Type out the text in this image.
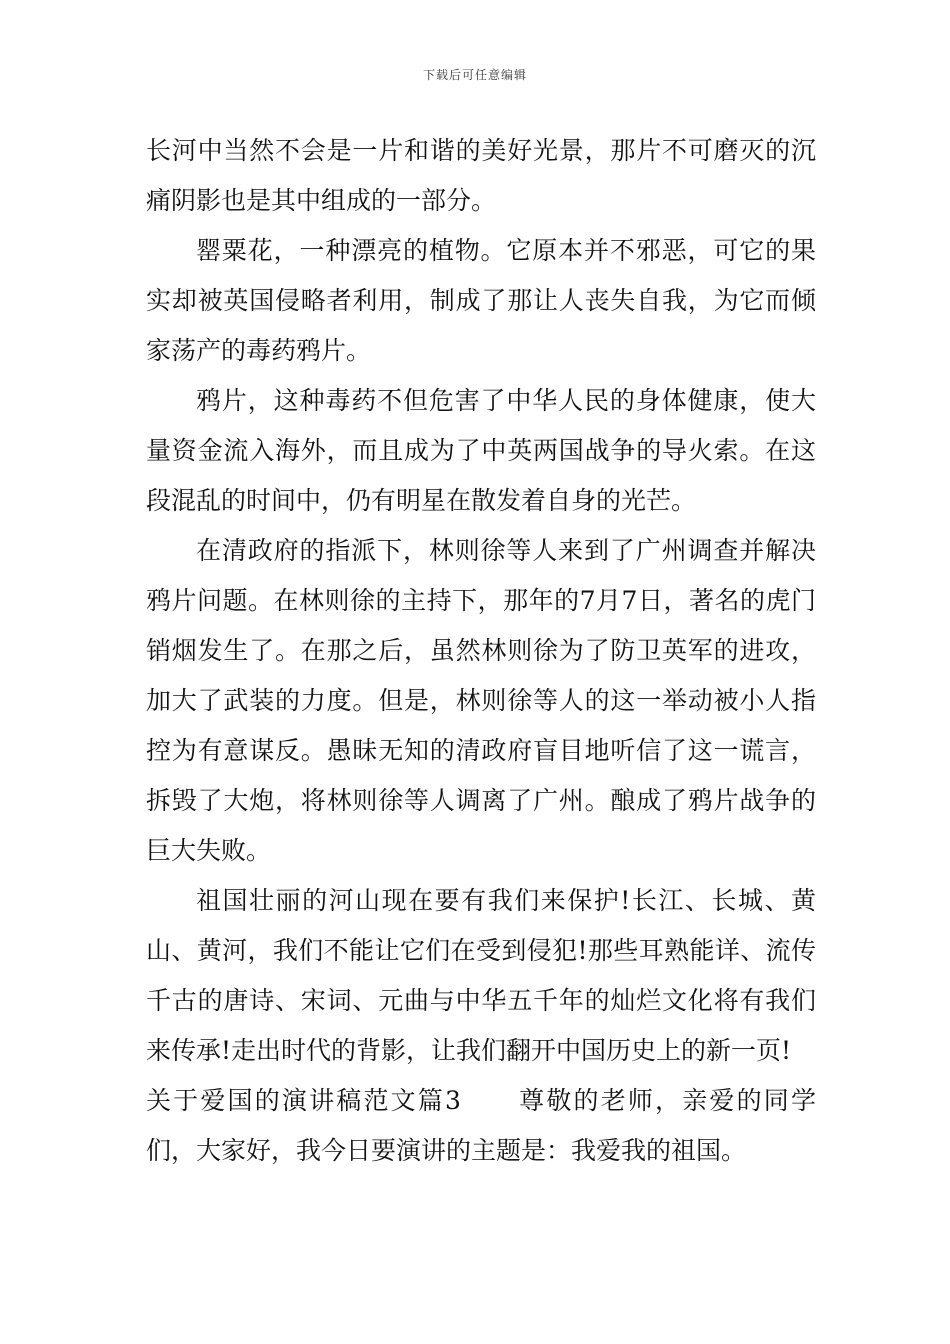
下载后可任意编辑

长河中当然不会是一片和谐的美好光景，那片不可磨灭的沉痛阴影也是其中组成的一部分。

罂粟花，一种漂亮的植物。它原本并不邪恶，可它的果实却被英国侵略者利用，制成了那让人丧失自我，为它而倾家荡产的毒药鸦片。

鸦片，这种毒药不但危害了中华人民的身体健康，使大量资金流入海外，而且成为了中英两国战争的导火索。在这段混乱的时间中，仍有明星在散发着自身的光芒。

在清政府的指派下，林则徐等人来到了广州调查并解决鸦片问题。在林则徐的主持下，那年的7月7日，著名的虎门销烟发生了。在那之后，虽然林则徐为了防卫英军的进攻，加大了武装的力度。但是，林则徐等人的这一举动被小人指控为有意谋反。愚昧无知的清政府盲目地听信了这一谎言，拆毁了大炮，将林则徐等人调离了广州。酿成了鸦片战争的巨大失败。

祖国壮丽的河山现在要有我们来保护!长江、长城、黄山、黄河，我们不能让它们在受到侵犯!那些耳熟能详、流传千古的唐诗、宋词、元曲与中华五千年的灿烂文化将有我们来传承!走出时代的背影，让我们翻开中国历史上的新一页!

关于爱国的演讲稿范文篇3 尊敬的老师，亲爱的同学们，大家好，我今日要演讲的主题是：我爱我的祖国。
